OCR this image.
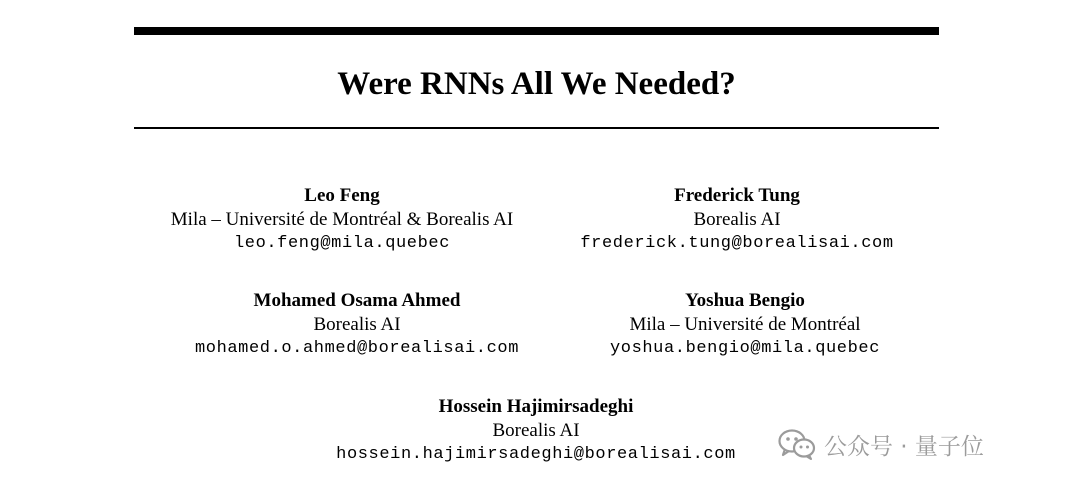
Were RNNs All We Needed?
Leo Feng
Mila – Université de Montréal & Borealis AI
leo.feng@mila.quebec
Frederick Tung
Borealis AI
frederick.tung@borealisai.com
Mohamed Osama Ahmed
Borealis AI
mohamed.o.ahmed@borealisai.com
Yoshua Bengio
Mila – Université de Montréal
yoshua.bengio@mila.quebec
Hossein Hajimirsadeghi
Borealis AI
hossein.hajimirsadeghi@borealisai.com	公众号 · 量子位
